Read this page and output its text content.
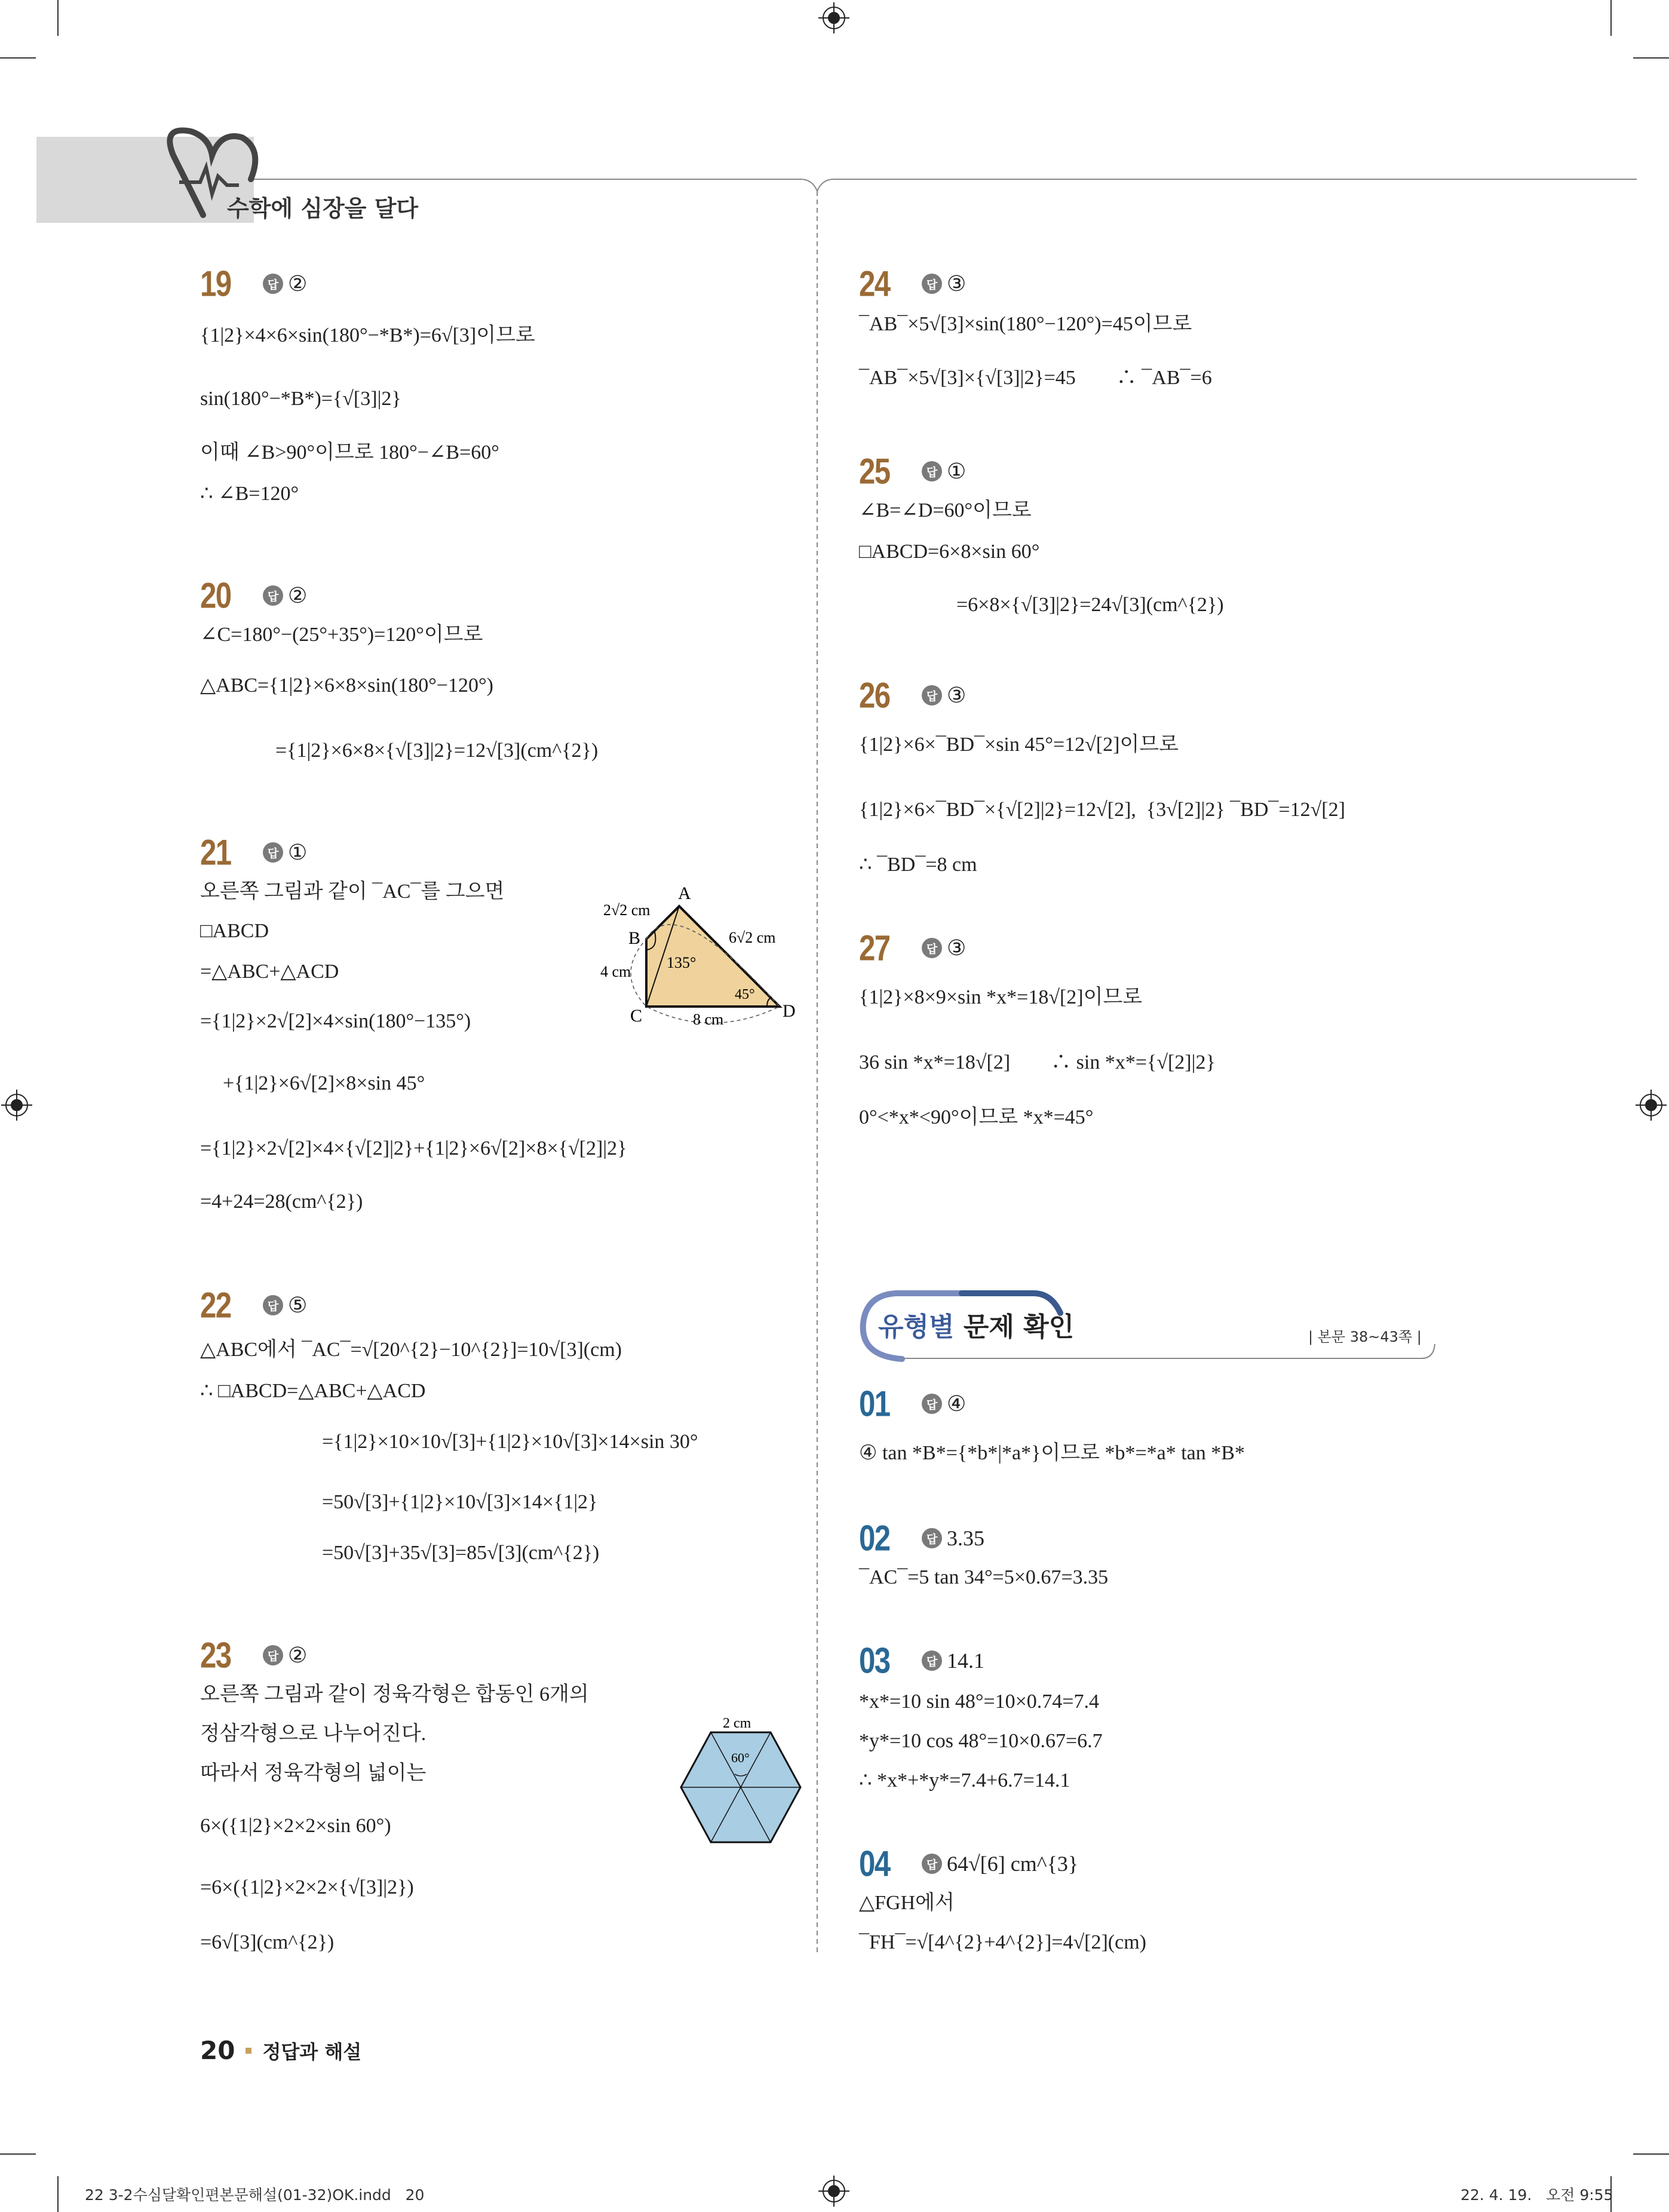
수학에 심장을 달다
19	답 ②
{1|2}×4×6×sin(180°−*B*)=6√[3]이므로
sin(180°−*B*)={√[3]|2}
이때 ∠B>90°이므로 180°−∠B=60°
∴ ∠B=120°
20	답 ②
∠C=180°−(25°+35°)=120°이므로
△ABC={1|2}×6×8×sin(180°−120°)
={1|2}×6×8×{√[3]|2}=12√[3](cm^{2})
21	답 ①
오른쪽 그림과 같이 ¯AC¯를 그으면
□ABCD
=△ABC+△ACD
={1|2}×2√[2]×4×sin(180°−135°)
+{1|2}×6√[2]×8×sin 45°
={1|2}×2√[2]×4×{√[2]|2}+{1|2}×6√[2]×8×{√[2]|2}
=4+24=28(cm^{2})
A
B
C	D
2√2 cm
4 cm
8 cm
6√2 cm
135°
45°
22	답 ⑤
△ABC에서 ¯AC¯=√[20^{2}−10^{2}]=10√[3](cm)
∴ □ABCD=△ABC+△ACD
={1|2}×10×10√[3]+{1|2}×10√[3]×14×sin 30°
=50√[3]+{1|2}×10√[3]×14×{1|2}
=50√[3]+35√[3]=85√[3](cm^{2})
23	답 ②
오른쪽 그림과 같이 정육각형은 합동인 6개의
정삼각형으로 나누어진다.
따라서 정육각형의 넓이는
6×({1|2}×2×2×sin 60°)
=6×({1|2}×2×2×{√[3]|2})
=6√[3](cm^{2})
2 cm
60°
24	답 ③
¯AB¯×5√[3]×sin(180°−120°)=45이므로
¯AB¯×5√[3]×{√[3]|2}=45　　∴ ¯AB¯=6
25	답 ①
∠B=∠D=60°이므로
□ABCD=6×8×sin 60°
=6×8×{√[3]|2}=24√[3](cm^{2})
26	답 ③
{1|2}×6×¯BD¯×sin 45°=12√[2]이므로
{1|2}×6×¯BD¯×{√[2]|2}=12√[2],  {3√[2]|2} ¯BD¯=12√[2]
∴ ¯BD¯=8 cm
27	답 ③
{1|2}×8×9×sin *x*=18√[2]이므로
36 sin *x*=18√[2]　　∴ sin *x*={√[2]|2}
0°<*x*<90°이므로 *x*=45°
유형별 문제 확인	| 본문 38~43쪽 |
01	답 ④
④ tan *B*={*b*|*a*}이므로 *b*=*a* tan *B*
02	답 3.35
¯AC¯=5 tan 34°=5×0.67=3.35
03	답 14.1
*x*=10 sin 48°=10×0.74=7.4
*y*=10 cos 48°=10×0.67=6.7
∴ *x*+*y*=7.4+6.7=14.1
04	답 64√[6] cm^{3}
△FGH에서
¯FH¯=√[4^{2}+4^{2}]=4√[2](cm)
20 정답과 해설
22 3-2수심달확인편본문해설(01-32)OK.indd   20	22. 4. 19.   오전 9:55
